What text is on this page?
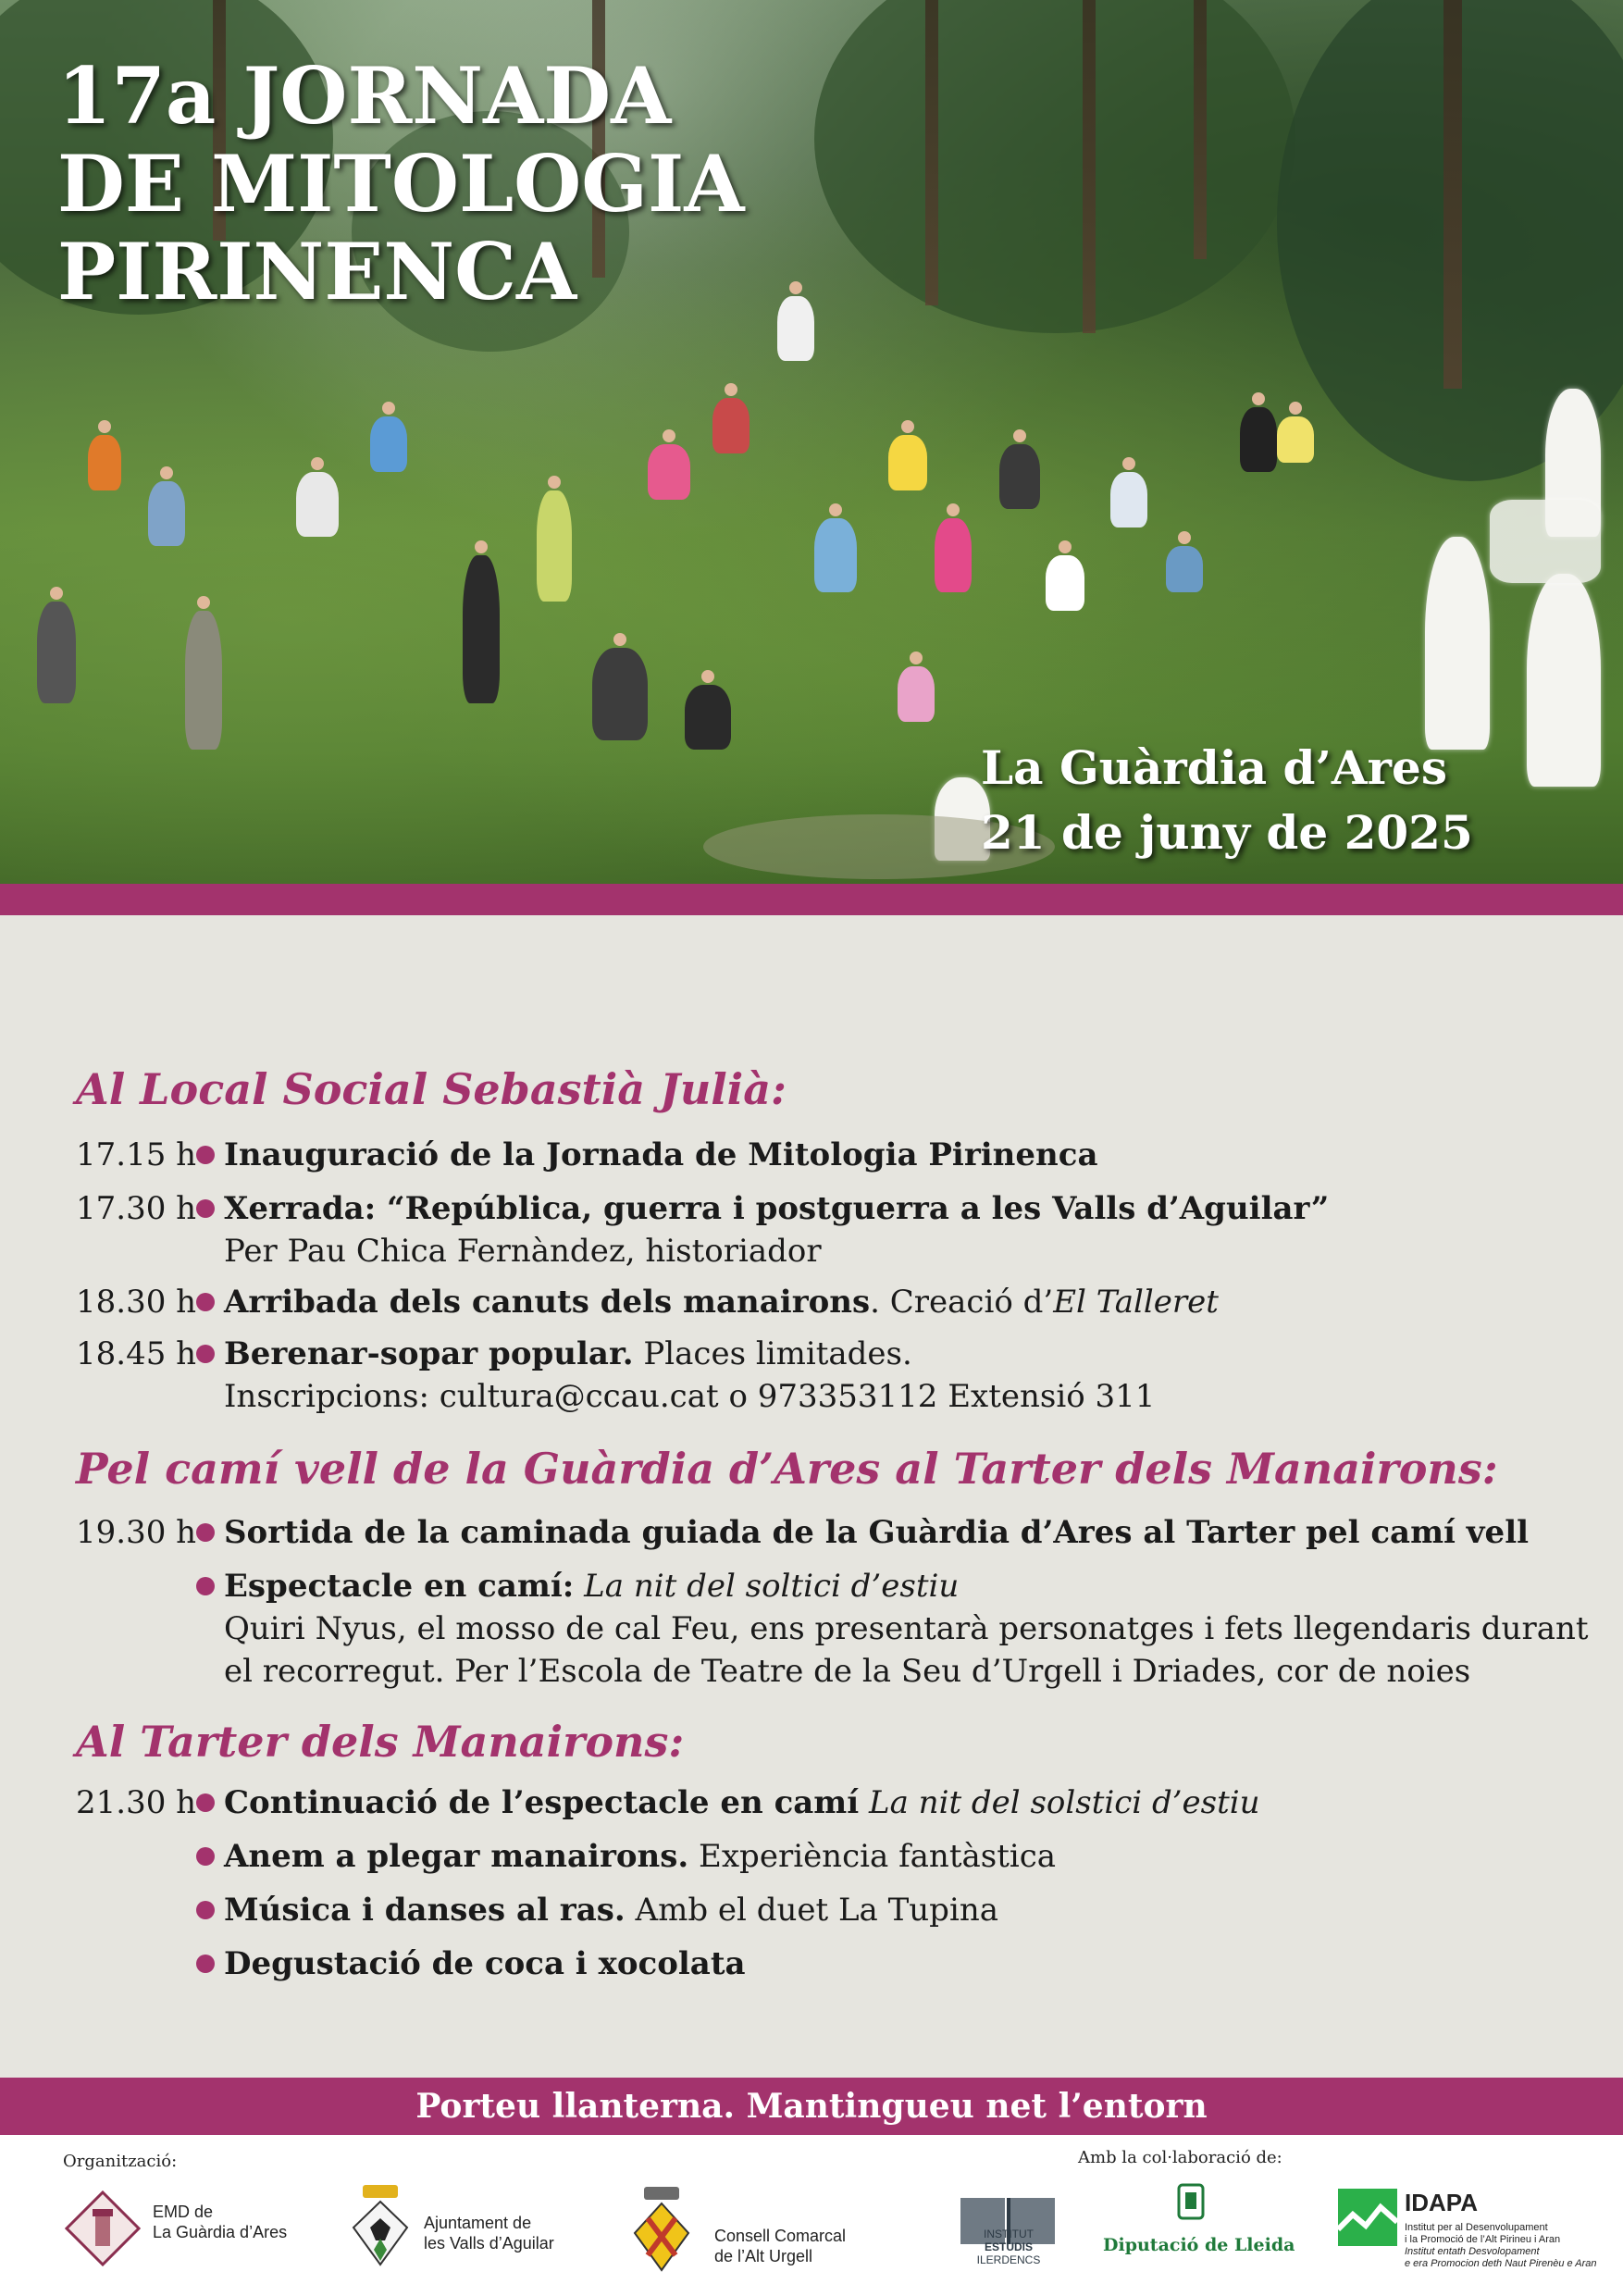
17a JORNADA
DE MITOLOGIA
PIRINENCA
La Guàrdia d’Ares
21 de juny de 2025
Al Local Social Sebastià Julià:
17.15 h Inauguració de la Jornada de Mitologia Pirinenca
17.30 h Xerrada: “República, guerra i postguerra a les Valls d’Aguilar”
Per Pau Chica Fernàndez, historiador
18.30 h Arribada dels canuts dels manairons. Creació d’El Talleret
18.45 h Berenar-sopar popular. Places limitades.
Inscripcions: cultura@ccau.cat o 973353112 Extensió 311
Pel camí vell de la Guàrdia d’Ares al Tarter dels Manairons:
19.30 h Sortida de la caminada guiada de la Guàrdia d’Ares al Tarter pel camí vell
Espectacle en camí: La nit del soltici d’estiu
Quiri Nyus, el mosso de cal Feu, ens presentarà personatges i fets llegendaris durant
el recorregut. Per l’Escola de Teatre de la Seu d’Urgell i Driades, cor de noies
Al Tarter dels Manairons:
21.30 h Continuació de l’espectacle en camí La nit del solstici d’estiu
Anem a plegar manairons. Experiència fantàstica
Música i danses al ras. Amb el duet La Tupina
Degustació de coca i xocolata
Porteu llanterna. Mantingueu net l’entorn
Organització:	Amb la col·laboració de:
EMD de
La Guàrdia d’Ares	Ajuntament de
les Valls d’Aguilar	Consell Comarcal
de l’Alt Urgell
INSTITUT
ESTUDIS
ILERDENCS
Diputació de Lleida
IDAPA
Institut per al Desenvolupament
i la Promoció de l’Alt Pirineu i Aran
Institut entath Desvolopament
e era Promocion deth Naut Pirenèu e Aran
